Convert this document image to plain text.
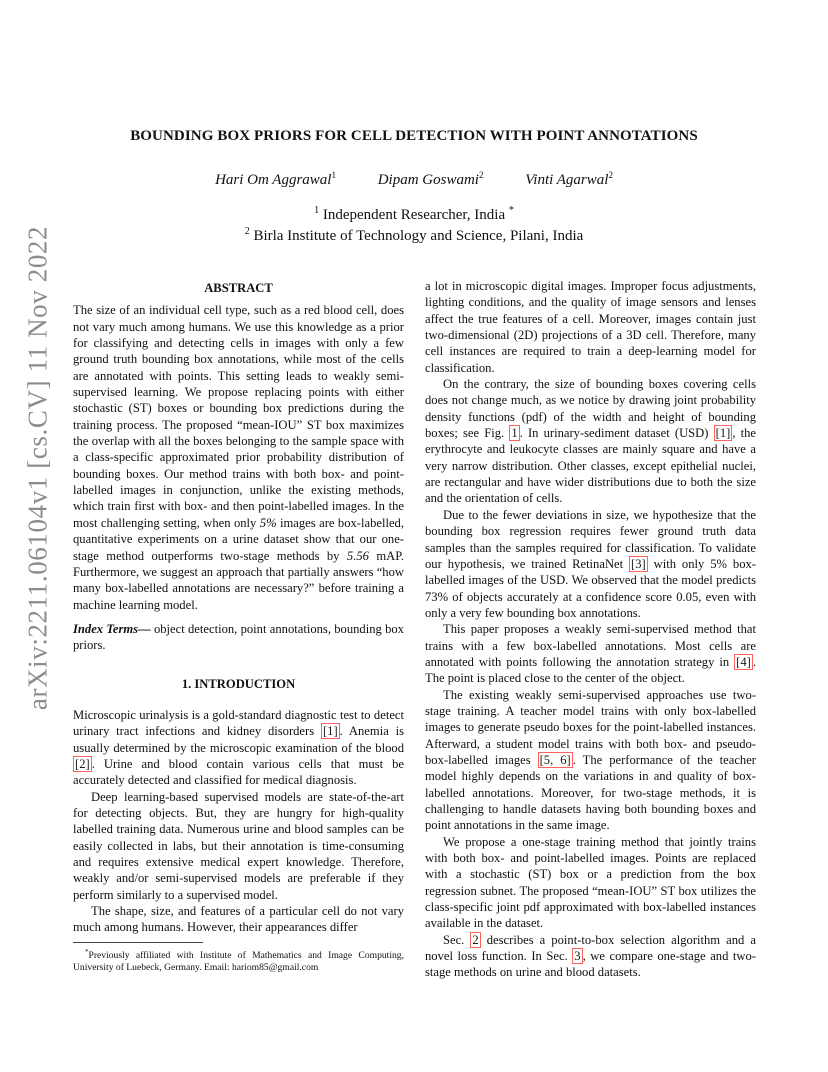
arXiv:2211.06104v1 [cs.CV] 11 Nov 2022
BOUNDING BOX PRIORS FOR CELL DETECTION WITH POINT ANNOTATIONS
Hari Om Aggrawal$^1$	Dipam Goswami$^2$	Vinti Agarwal$^2$
$^1$ Independent Researcher, India *
$^2$ Birla Institute of Technology and Science, Pilani, India
ABSTRACT

The size of an individual cell type, such as a red blood cell, does not vary much among humans. We use this knowledge as a prior for classifying and detecting cells in images with only a few ground truth bounding box annotations, while most of the cells are annotated with points. This setting leads to weakly semi-supervised learning. We propose replacing points with either stochastic (ST) boxes or bounding box predictions during the training process. The proposed “mean-IOU” ST box maximizes the overlap with all the boxes belonging to the sample space with a class-specific approximated prior probability distribution of bounding boxes. Our method trains with both box- and point-labelled images in conjunction, unlike the existing methods, which train first with box- and then point-labelled images. In the most challenging setting, when only 5% images are box-labelled, quantitative experiments on a urine dataset show that our one-stage method outperforms two-stage methods by 5.56 mAP. Furthermore, we suggest an approach that partially answers “how many box-labelled annotations are necessary?” before training a machine learning model.

Index Terms— object detection, point annotations, bounding box priors.

1. INTRODUCTION

Microscopic urinalysis is a gold-standard diagnostic test to detect urinary tract infections and kidney disorders [1] . Anemia is usually determined by the microscopic examination of the blood [2] . Urine and blood contain various cells that must be accurately detected and classified for medical diagnosis.

Deep learning-based supervised models are state-of-the-art for detecting objects. But, they are hungry for high-quality labelled training data. Numerous urine and blood samples can be easily collected in labs, but their annotation is time-consuming and requires extensive medical expert knowledge. Therefore, weakly and/or semi-supervised models are preferable if they perform similarly to a supervised model.

The shape, size, and features of a particular cell do not vary much among humans. However, their appearances differ

*Previously affiliated with Institute of Mathematics and Image Computing, University of Luebeck, Germany. Email: hariom85@gmail.com

a lot in microscopic digital images. Improper focus adjustments, lighting conditions, and the quality of image sensors and lenses affect the true features of a cell. Moreover, images contain just two-dimensional (2D) projections of a 3D cell. Therefore, many cell instances are required to train a deep-learning model for classification.

On the contrary, the size of bounding boxes covering cells does not change much, as we notice by drawing joint probability density functions (pdf) of the width and height of bounding boxes; see Fig. 1 . In urinary-sediment dataset (USD) [1] , the erythrocyte and leukocyte classes are mainly square and have a very narrow distribution. Other classes, except epithelial nuclei, are rectangular and have wider distributions due to both the size and the orientation of cells.

Due to the fewer deviations in size, we hypothesize that the bounding box regression requires fewer ground truth data samples than the samples required for classification. To validate our hypothesis, we trained RetinaNet [3] with only 5% box-labelled images of the USD. We observed that the model predicts 73% of objects accurately at a confidence score 0.05, even with only a very few bounding box annotations.

This paper proposes a weakly semi-supervised method that trains with a few box-labelled annotations. Most cells are annotated with points following the annotation strategy in [4] . The point is placed close to the center of the object.

The existing weakly semi-supervised approaches use two-stage training. A teacher model trains with only box-labelled images to generate pseudo boxes for the point-labelled instances. Afterward, a student model trains with both box- and pseudo-box-labelled images [5, 6] . The performance of the teacher model highly depends on the variations in and quality of box-labelled annotations. Moreover, for two-stage methods, it is challenging to handle datasets having both bounding boxes and point annotations in the same image.

We propose a one-stage training method that jointly trains with both box- and point-labelled images. Points are replaced with a stochastic (ST) box or a prediction from the box regression subnet. The proposed “mean-IOU” ST box utilizes the class-specific joint pdf approximated with box-labelled instances available in the dataset.

Sec. 2 describes a point-to-box selection algorithm and a novel loss function. In Sec. 3 , we compare one-stage and two-stage methods on urine and blood datasets.
